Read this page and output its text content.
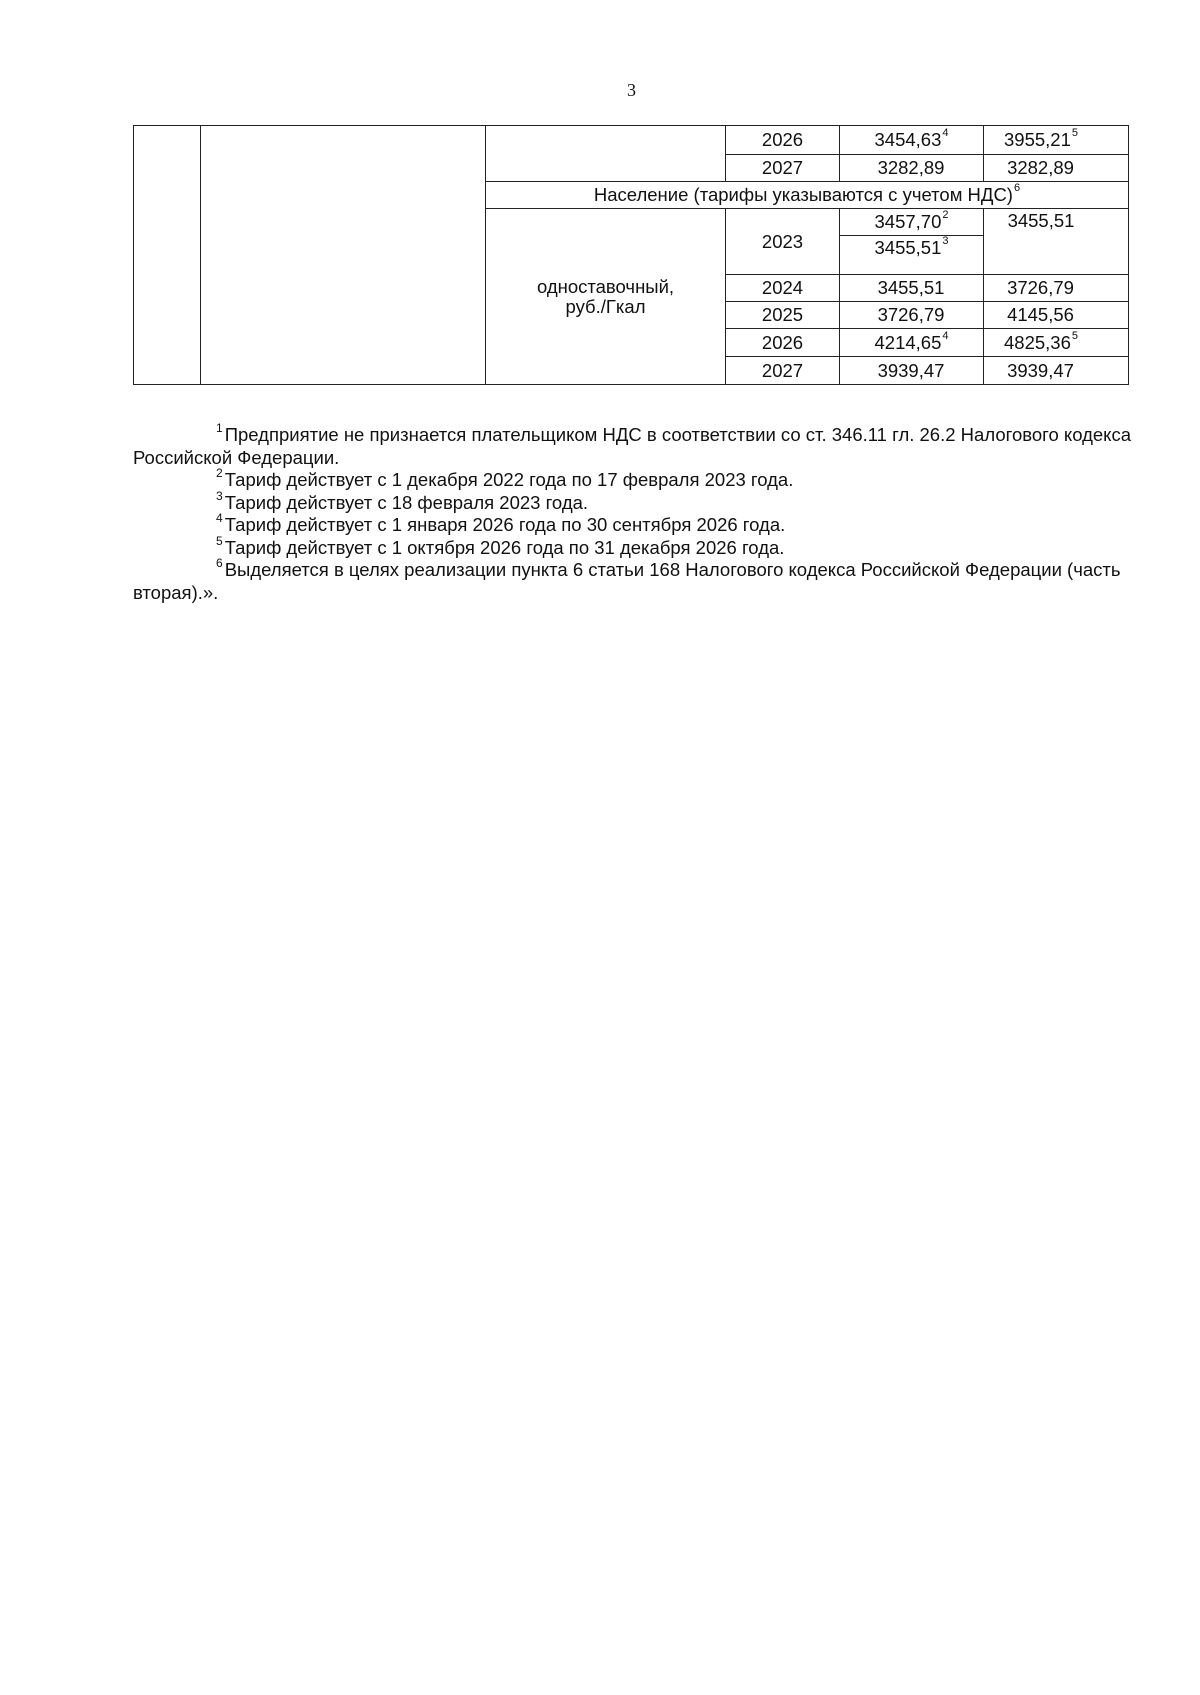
3
			2026	3454,63$^4$	3955,21$^5$
			2027	3282,89	3282,89
		Население (тарифы указываются с учетом НДС)$^6$

		одноставочный,
руб./Гкал	2023	3457,70$^2$	3455,51
				3455,51$^3$
			2024	3455,51	3726,79
			2025	3726,79	4145,56
			2026	4214,65$^4$	4825,36$^5$
			2027	3939,47	3939,47

$^1$ Предприятие не признается плательщиком НДС в соответствии со ст. 346.11 гл. 26.2 Налогового кодекса Российской Федерации.

$^2$ Тариф действует с 1 декабря 2022 года по 17 февраля 2023 года.

$^3$ Тариф действует с 18 февраля 2023 года.

$^4$ Тариф действует с 1 января 2026 года по 30 сентября 2026 года.

$^5$ Тариф действует с 1 октября 2026 года по 31 декабря 2026 года.

$^6$ Выделяется в целях реализации пункта 6 статьи 168 Налогового кодекса Российской Федерации (часть вторая).».
